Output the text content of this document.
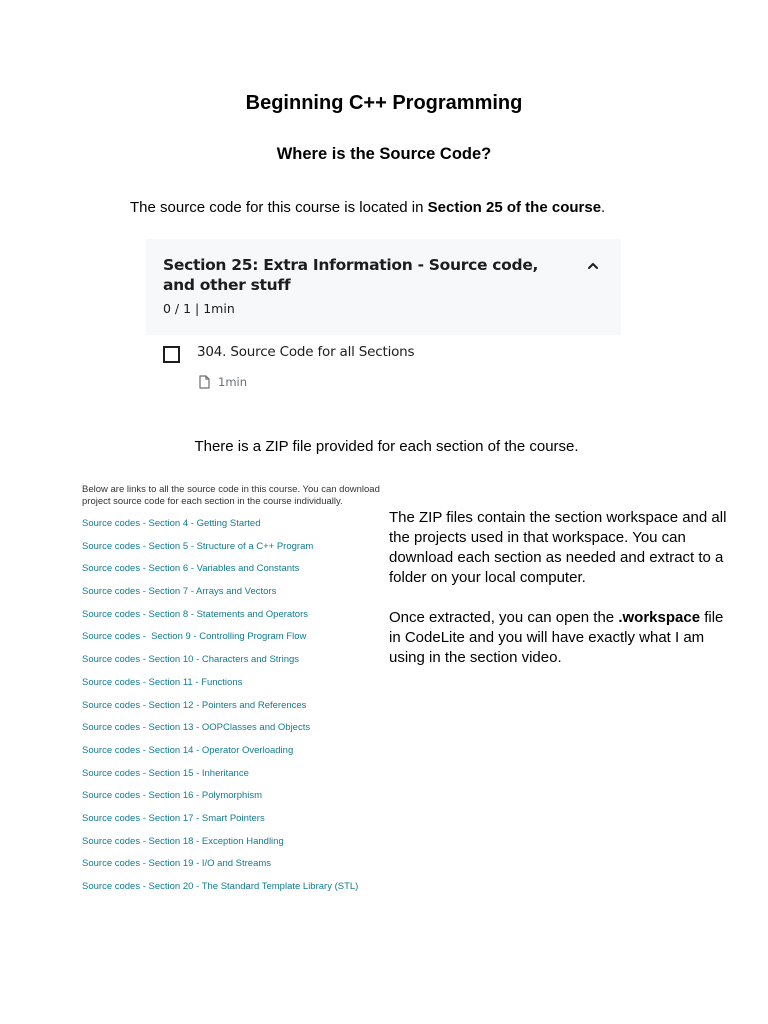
Beginning C++ Programming
Where is the Source Code?
The source code for this course is located in Section 25 of the course.
Section 25: Extra Information - Source code, and other stuff
0 / 1 | 1min
304. Source Code for all Sections
1min
There is a ZIP file provided for each section of the course.
Below are links to all the source code in this course. You can download project source code for each section in the course individually.
Source codes - Section 4 - Getting Started
Source codes - Section 5 - Structure of a C++ Program
Source codes - Section 6 - Variables and Constants
Source codes - Section 7 - Arrays and Vectors
Source codes - Section 8 - Statements and Operators
Source codes -  Section 9 - Controlling Program Flow
Source codes - Section 10 - Characters and Strings
Source codes - Section 11 - Functions
Source codes - Section 12 - Pointers and References
Source codes - Section 13 - OOPClasses and Objects
Source codes - Section 14 - Operator Overloading
Source codes - Section 15 - Inheritance
Source codes - Section 16 - Polymorphism
Source codes - Section 17 - Smart Pointers
Source codes - Section 18 - Exception Handling
Source codes - Section 19 - I/O and Streams
Source codes - Section 20 - The Standard Template Library (STL)

The ZIP files contain the section workspace and all the projects used in that workspace. You can download each section as needed and extract to a folder on your local computer.

Once extracted, you can open the .workspace file in CodeLite and you will have exactly what I am using in the section video.
